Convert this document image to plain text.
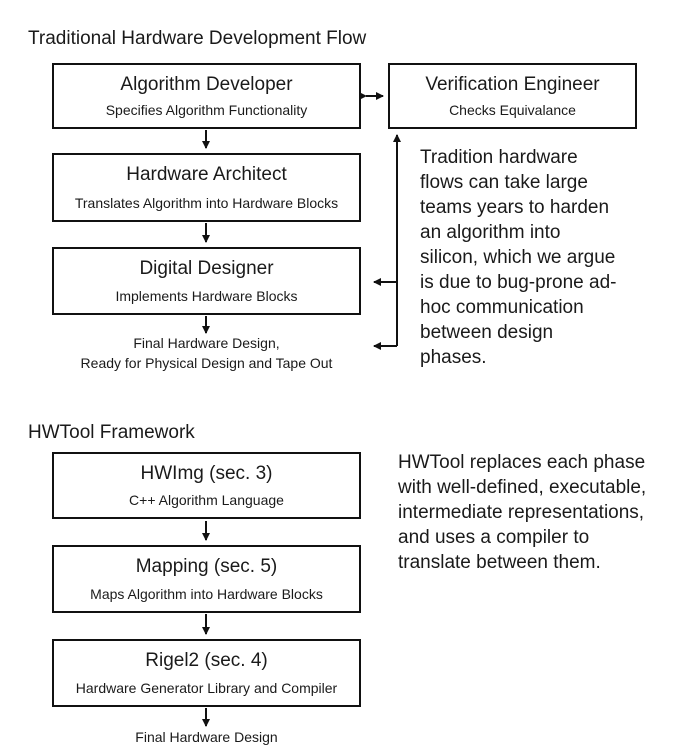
Traditional Hardware Development Flow
Algorithm Developer
Specifies Algorithm Functionality
Hardware Architect
Translates Algorithm into Hardware Blocks
Digital Designer
Implements Hardware Blocks
Verification Engineer
Checks Equivalance
Final Hardware Design,
Ready for Physical Design and Tape Out
Tradition hardware flows can take large teams years to harden an algorithm into silicon, which we argue is due to bug-prone ad-hoc communication between design phases.
HWTool Framework
HWImg (sec. 3)
C++ Algorithm Language
Mapping (sec. 5)
Maps Algorithm into Hardware Blocks
Rigel2 (sec. 4)
Hardware Generator Library and Compiler
Final Hardware Design
HWTool replaces each phase with well-defined, executable, intermediate representations, and uses a compiler to translate between them.
